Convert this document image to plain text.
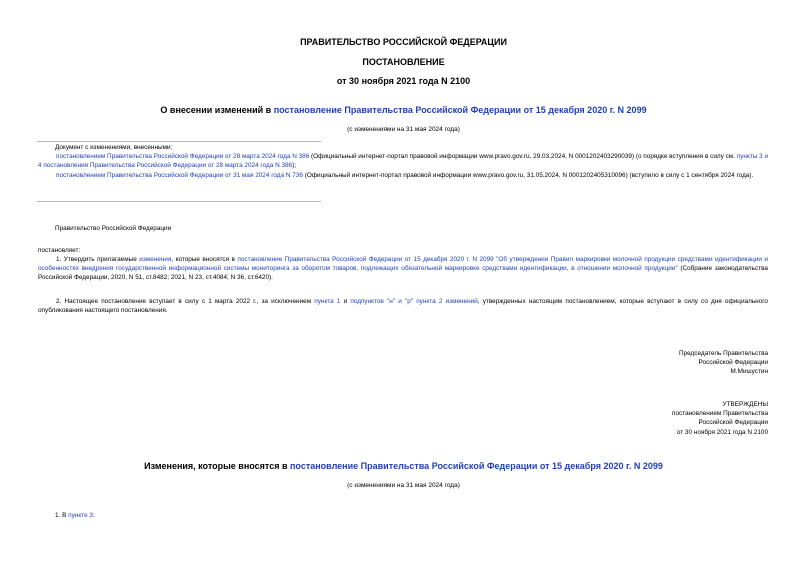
ПРАВИТЕЛЬСТВО РОССИЙСКОЙ ФЕДЕРАЦИИ
ПОСТАНОВЛЕНИЕ
от 30 ноября 2021 года N 2100
О внесении изменений в постановление Правительства Российской Федерации от 15 декабря 2020 г. N 2099
(с изменениями на 31 мая 2024 года)
Документ с изменениями, внесенными:

постановлением Правительства Российской Федерации от 28 марта 2024 года N 386 (Официальный интернет-портал правовой информации www.pravo.gov.ru, 29.03.2024, N 0001202403290039) (о порядке вступления в силу см. пункты 3 и 4 постановления Правительства Российской Федерации от 28 марта 2024 года N 386);

постановлением Правительства Российской Федерации от 31 мая 2024 года N 736 (Официальный интернет-портал правовой информации www.pravo.gov.ru, 31.05.2024, N 0001202405310096) (вступило в силу с 1 сентября 2024 года).

Правительство Российской Федерации
постановляет:

1. Утвердить прилагаемые изменения, которые вносятся в постановление Правительства Российской Федерации от 15 декабря 2020 г. N 2099 "Об утверждении Правил маркировки молочной продукции средствами идентификации и особенностях внедрения государственной информационной системы мониторинга за оборотом товаров, подлежащих обязательной маркировке средствами идентификации, в отношении молочной продукции" (Собрание законодательства Российской Федерации, 2020, N 51, ст.8482; 2021, N 23, ст.4084; N 36, ст.6420).

2. Настоящее постановление вступает в силу с 1 марта 2022 г., за исключением пункта 1 и подпунктов "н" и "р" пункта 2 изменений, утвержденных настоящим постановлением, которые вступают в силу со дня официального опубликования настоящего постановления.

Председатель Правительства
Российской Федерации
М.Мишустин
УТВЕРЖДЕНЫ
постановлением Правительства
Российской Федерации
от 30 ноября 2021 года N 2100
Изменения, которые вносятся в постановление Правительства Российской Федерации от 15 декабря 2020 г. N 2099
(с изменениями на 31 мая 2024 года)
1. В пункте 3:
